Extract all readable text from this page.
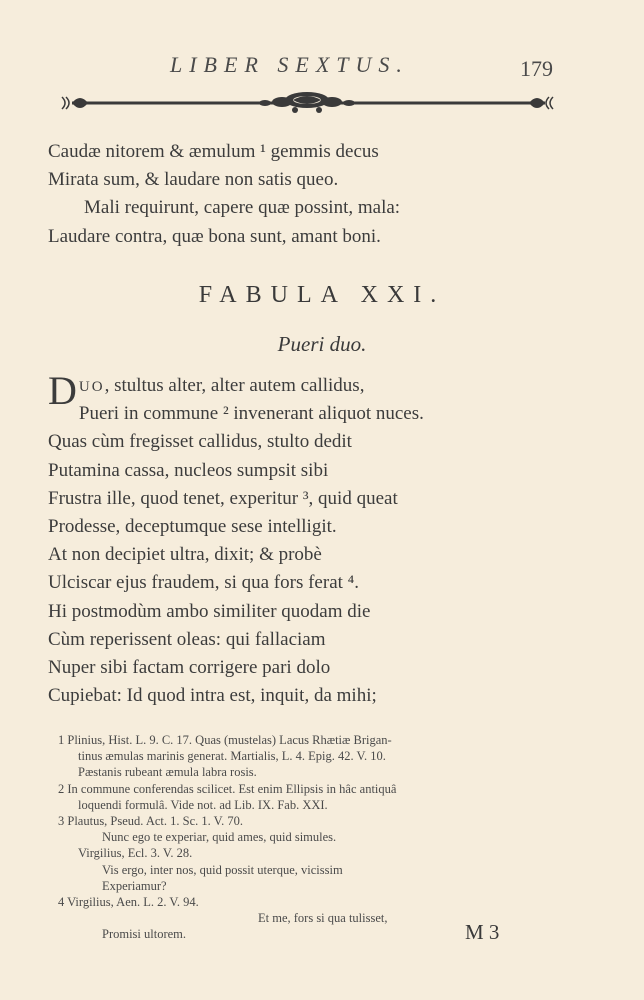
LIBER SEXTUS.	179
Caudæ nitorem & æmulum ¹ gemmis decus
Mirata sum, & laudare non satis queo.
Mali requirunt, capere quæ possint, mala:
Laudare contra, quæ bona sunt, amant boni.
FABULA XXI.
Pueri duo.
DUO, stultus alter, alter autem callidus,
Pueri in commune ² invenerant aliquot nuces.
Quas cùm fregisset callidus, stulto dedit
Putamina cassa, nucleos sumpsit sibi
Frustra ille, quod tenet, experitur ³, quid queat
Prodesse, deceptumque sese intelligit.
At non decipiet ultra, dixit; & probè
Ulciscar ejus fraudem, si qua fors ferat ⁴.
Hi postmodùm ambo similiter quodam die
Cùm reperissent oleas: qui fallaciam
Nuper sibi factam corrigere pari dolo
Cupiebat: Id quod intra est, inquit, da mihi;
1 Plinius, Hist. L. 9. C. 17. Quas (mustelas) Lacus Rhætiæ Brigan-
tinus æmulas marinis generat. Martialis, L. 4. Epig. 42. V. 10.
Pæstanis rubeant æmula labra rosis.
2 In commune conferendas scilicet. Est enim Ellipsis in hâc antiquâ
loquendi formulâ. Vide not. ad Lib. IX. Fab. XXI.
3 Plautus, Pseud. Act. 1. Sc. 1. V. 70.
Nunc ego te experiar, quid ames, quid simules.
Virgilius, Ecl. 3. V. 28.
Vis ergo, inter nos, quid possit uterque, vicissim
Experiamur?
4 Virgilius, Aen. L. 2. V. 94.
Et me, fors si qua tulisset,
Promisi ultorem.	M 3
